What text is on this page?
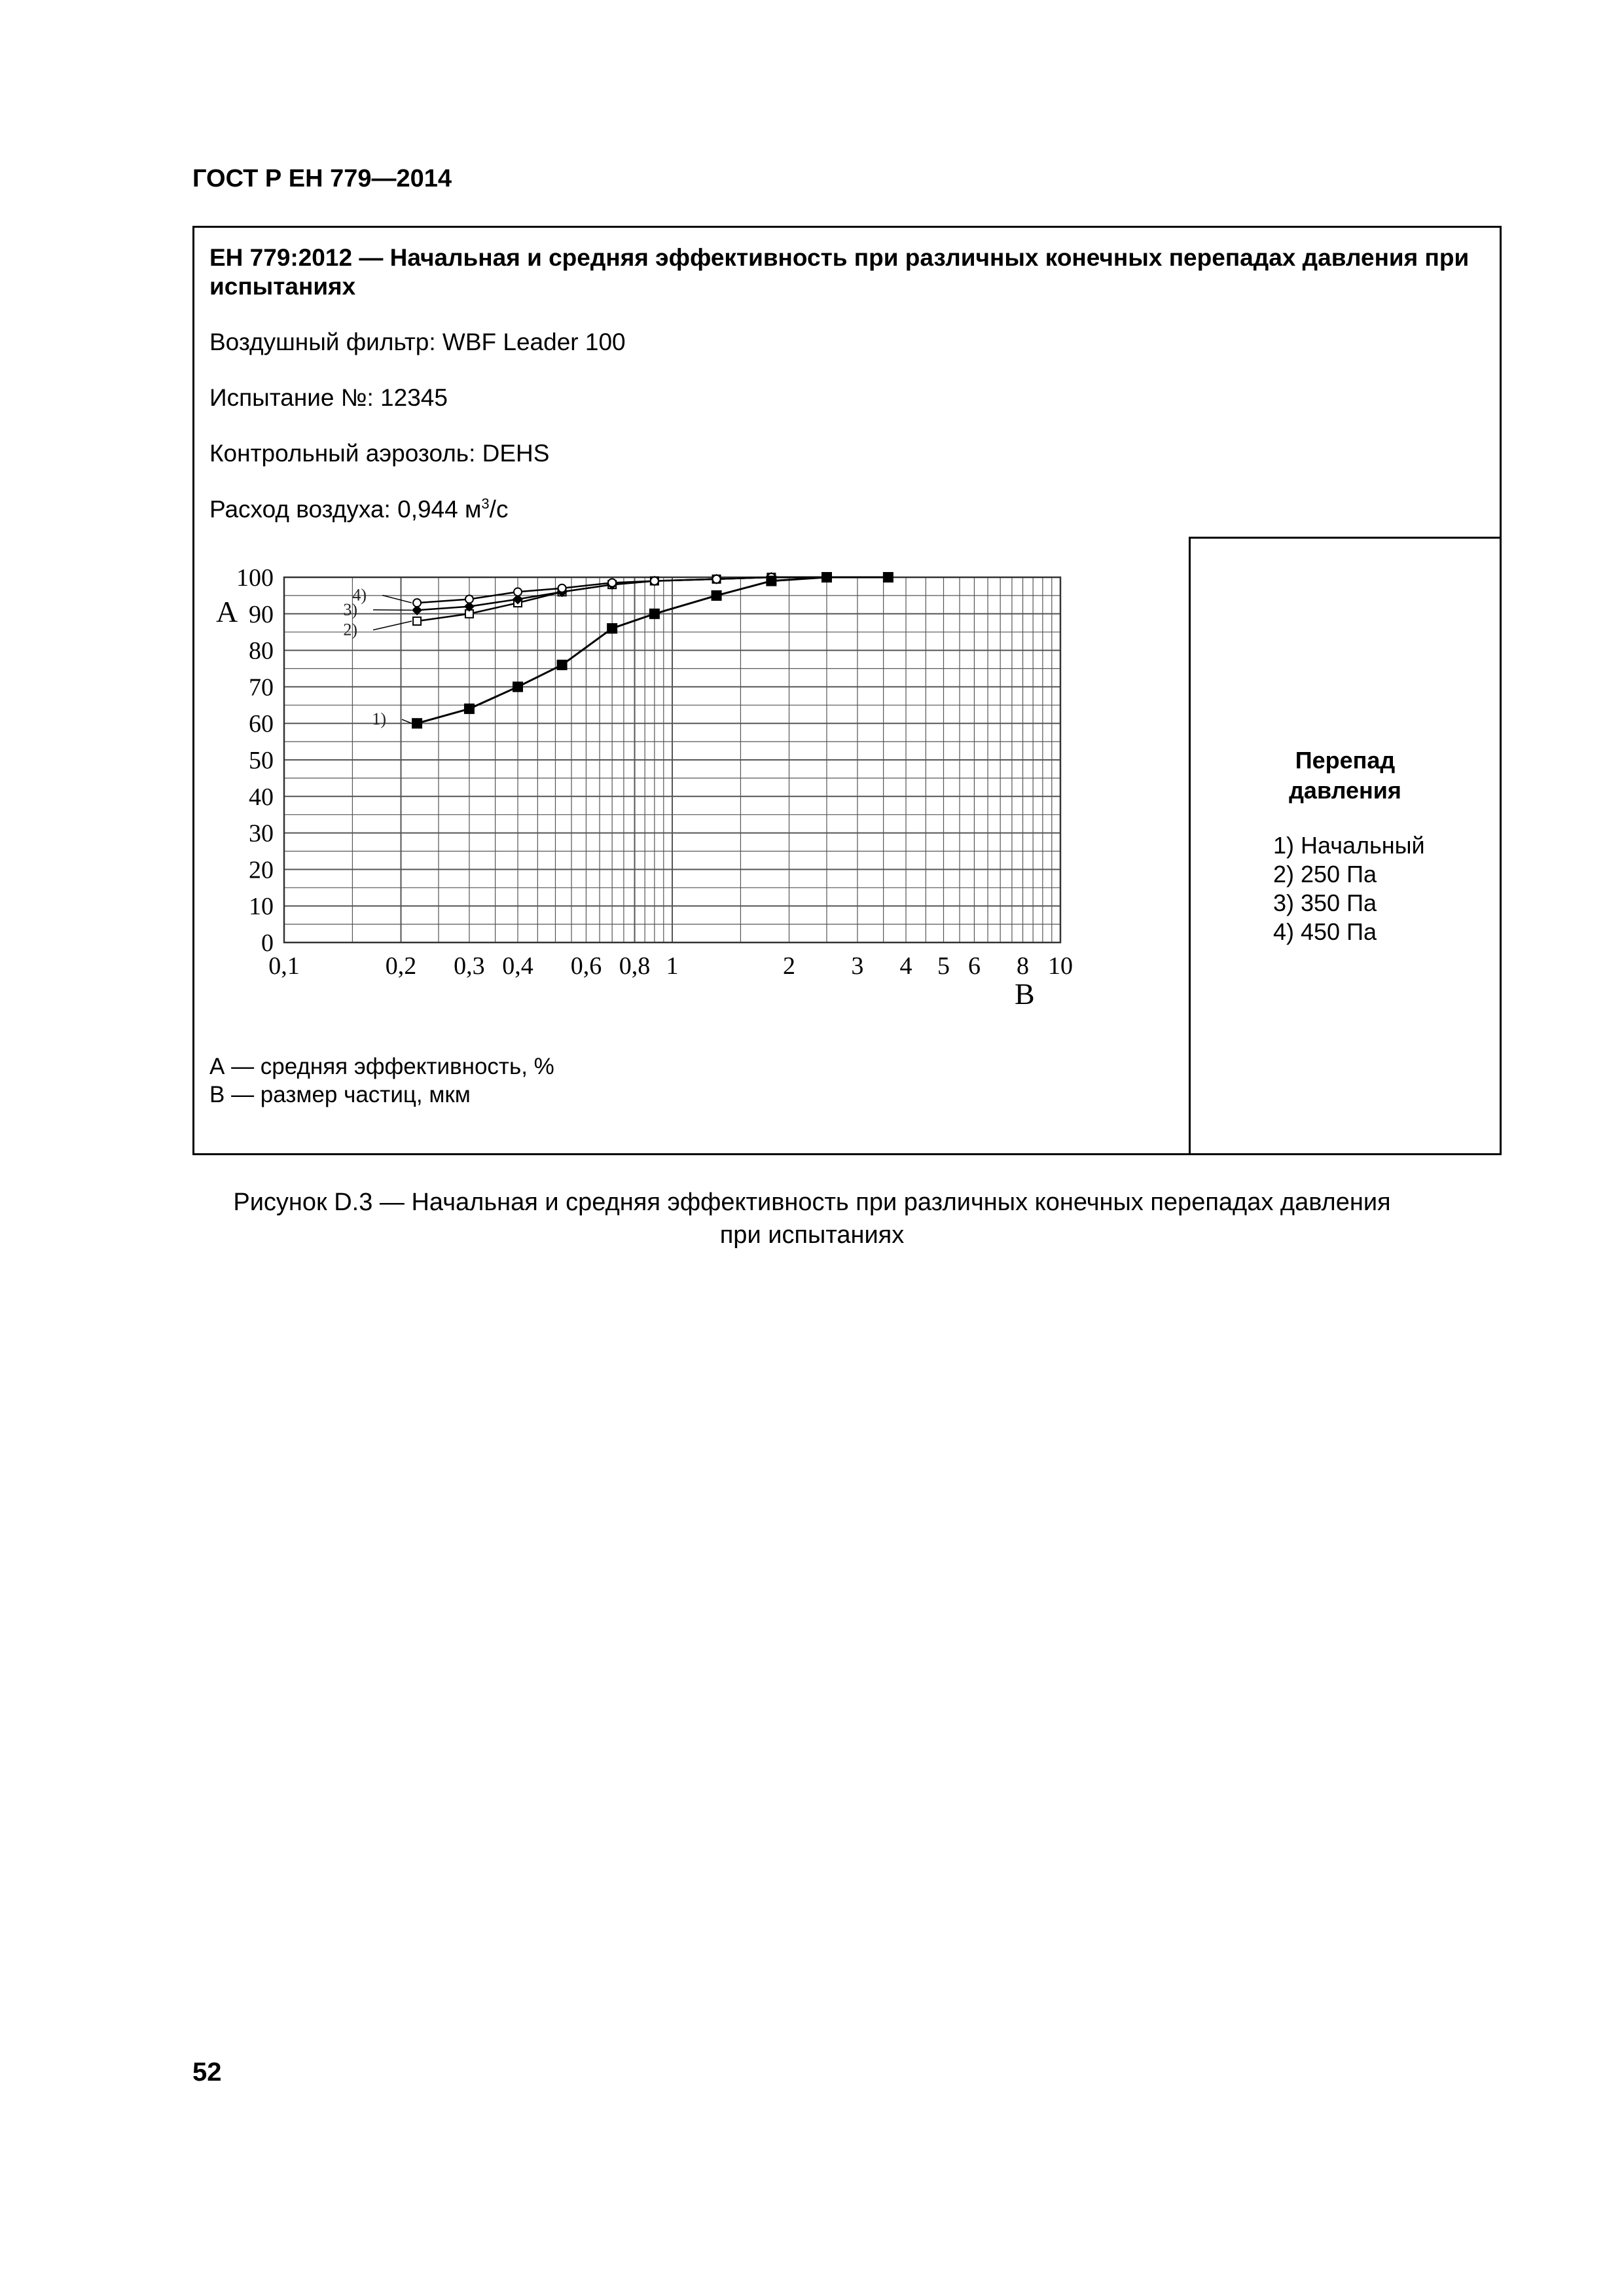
ГОСТ Р ЕН 779—2014
ЕН 779:2012 — Начальная и средняя эффективность при различных конечных перепадах давления при испытаниях
Воздушный фильтр: WBF Leader 100
Испытание №: 12345
Контрольный аэрозоль: DEHS
Расход воздуха: 0,944 $м^3/с$
0
10
20
30
40
50
60
70
80
90
100
0,1	0,2 0,3 0,4 0,6 0,8 1	2 3 4 5 6 8 10
1)
2)
3)
4)
А
В
Перепад
давления
1) Начальный
2) 250 Па
3) 350 Па
4) 450 Па
А — средняя эффективность, %
В — размер частиц, мкм
Рисунок D.3 — Начальная и средняя эффективность при различных конечных перепадах давления
при испытаниях
52
